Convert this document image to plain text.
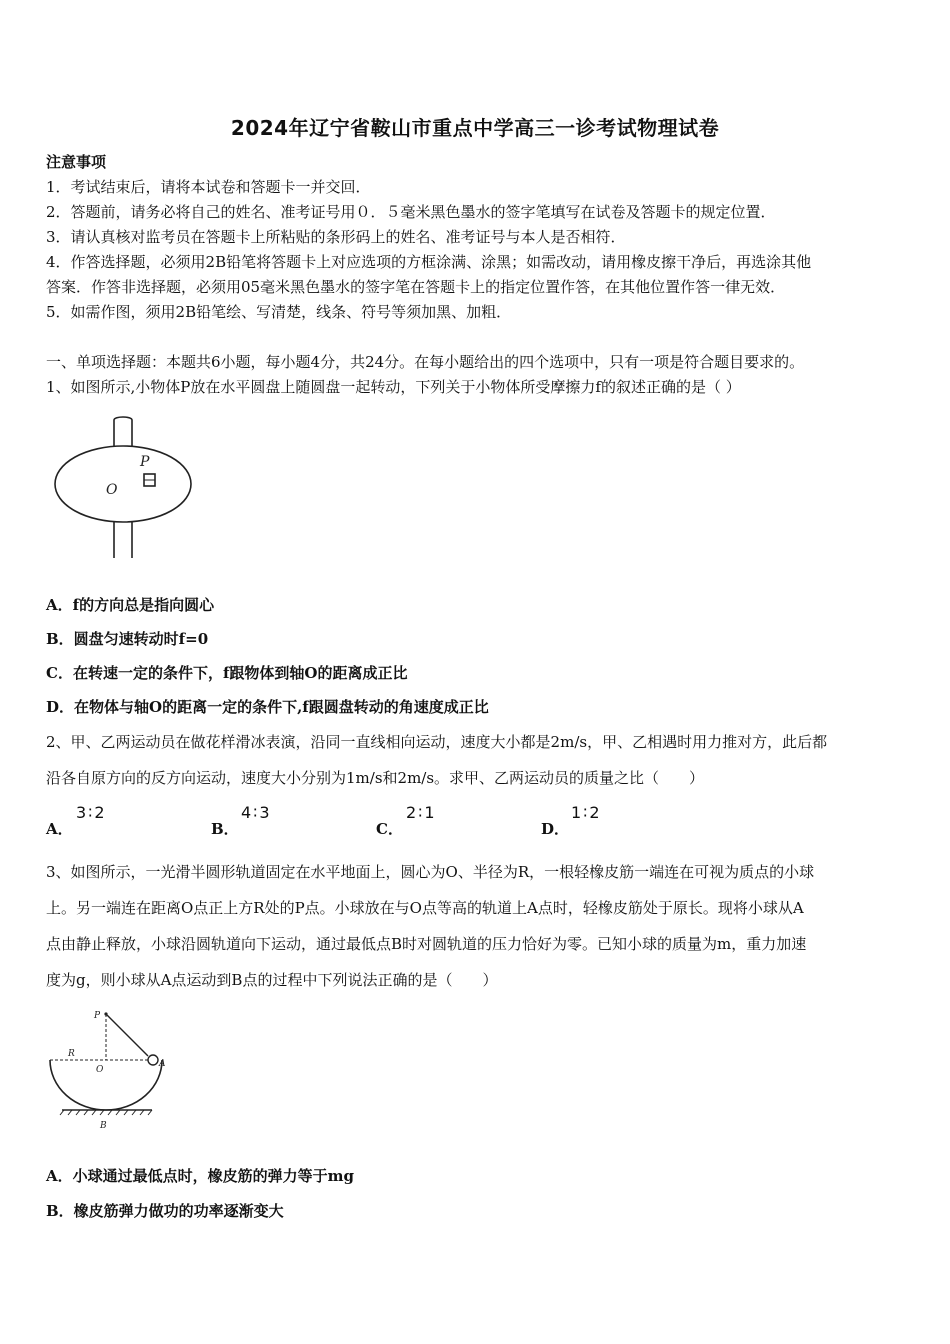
2024年辽宁省鞍山市重点中学高三一诊考试物理试卷
注意事项
1．考试结束后，请将本试卷和答题卡一并交回．
2．答题前，请务必将自己的姓名、准考证号用０．５毫米黑色墨水的签字笔填写在试卷及答题卡的规定位置．
3．请认真核对监考员在答题卡上所粘贴的条形码上的姓名、准考证号与本人是否相符．
4．作答选择题，必须用2B铅笔将答题卡上对应选项的方框涂满、涂黑；如需改动，请用橡皮擦干净后，再选涂其他
答案．作答非选择题，必须用05毫米黑色墨水的签字笔在答题卡上的指定位置作答，在其他位置作答一律无效．
5．如需作图，须用2B铅笔绘、写清楚，线条、符号等须加黑、加粗．
一、单项选择题：本题共6小题，每小题4分，共24分。在每小题给出的四个选项中，只有一项是符合题目要求的。
1、如图所示,小物体P放在水平圆盘上随圆盘一起转动，下列关于小物体所受摩擦力f的叙述正确的是（ ）
P
O
A．f的方向总是指向圆心
B．圆盘匀速转动时f=0
C．在转速一定的条件下，f跟物体到轴O的距离成正比
D．在物体与轴O的距离一定的条件下,f跟圆盘转动的角速度成正比
2、甲、乙两运动员在做花样滑冰表演，沿同一直线相向运动，速度大小都是2m/s，甲、乙相遇时用力推对方，此后都
沿各自原方向的反方向运动，速度大小分别为1m/s和2m/s。求甲、乙两运动员的质量之比（　　）
A．
3∶2
B．
4∶3
C．
2∶1
D．
1∶2
3、如图所示，一光滑半圆形轨道固定在水平地面上，圆心为O、半径为R，一根轻橡皮筋一端连在可视为质点的小球
上。另一端连在距离O点正上方R处的P点。小球放在与O点等高的轨道上A点时，轻橡皮筋处于原长。现将小球从A
点由静止释放，小球沿圆轨道向下运动，通过最低点B时对圆轨道的压力恰好为零。已知小球的质量为m，重力加速
度为g，则小球从A点运动到B点的过程中下列说法正确的是（　　）
P
R
O
A
B
A．小球通过最低点时，橡皮筋的弹力等于mg
B．橡皮筋弹力做功的功率逐渐变大
